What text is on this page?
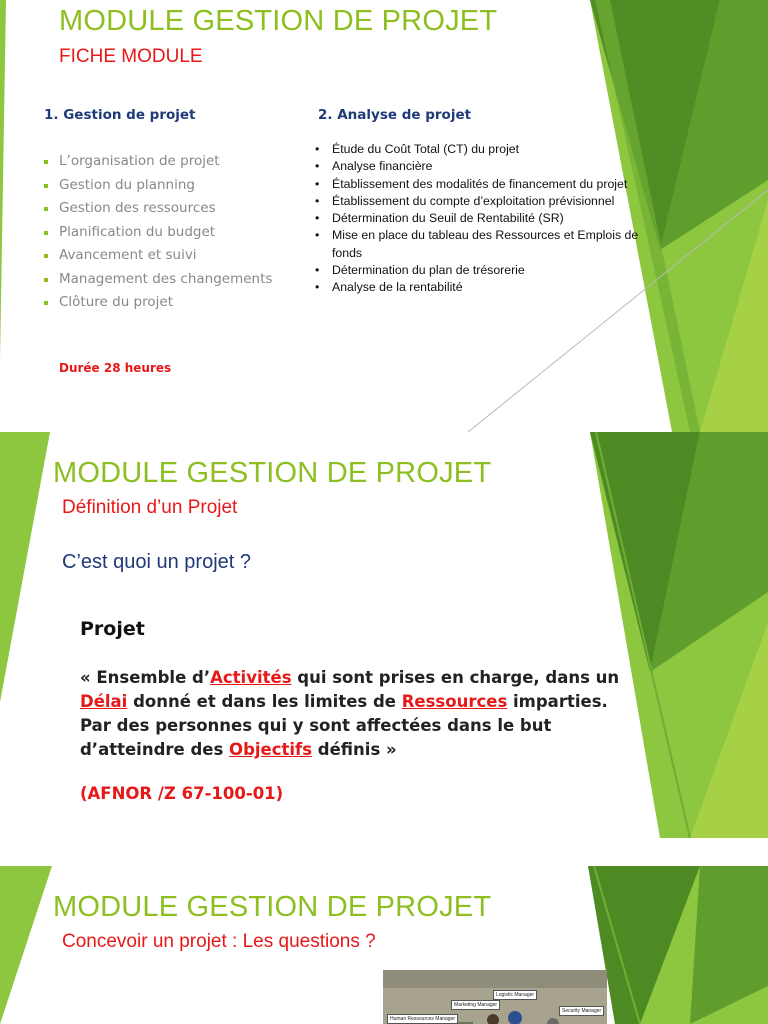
MODULE GESTION DE PROJET
FICHE MODULE
1. Gestion de projet
L’organisation de projet
Gestion du planning
Gestion des ressources
Planification du budget
Avancement et suivi
Management des changements
Clôture du projet
2. Analyse de projet
• Étude du Coût Total (CT) du projet
• Analyse financière
• Établissement des modalités de financement du projet
• Établissement du compte d’exploitation prévisionnel
• Détermination du Seuil de Rentabilité (SR)
• Mise en place du tableau des Ressources et Emplois de fonds
• Détermination du plan de trésorerie
• Analyse de la rentabilité
Durée 28 heures
MODULE GESTION DE PROJET
Définition d’un Projet
C’est quoi un projet ?
Projet
« Ensemble d’Activités qui sont prises en charge, dans un Délai donné et dans les limites de Ressources imparties. Par des personnes qui y sont affectées dans le but d’atteindre des Objectifs définis »
(AFNOR /Z 67-100-01)
MODULE GESTION DE PROJET
Concevoir un projet : Les questions ?
Marketing Manager
Logistic Manager
Security Manager
Human Ressources Manager
